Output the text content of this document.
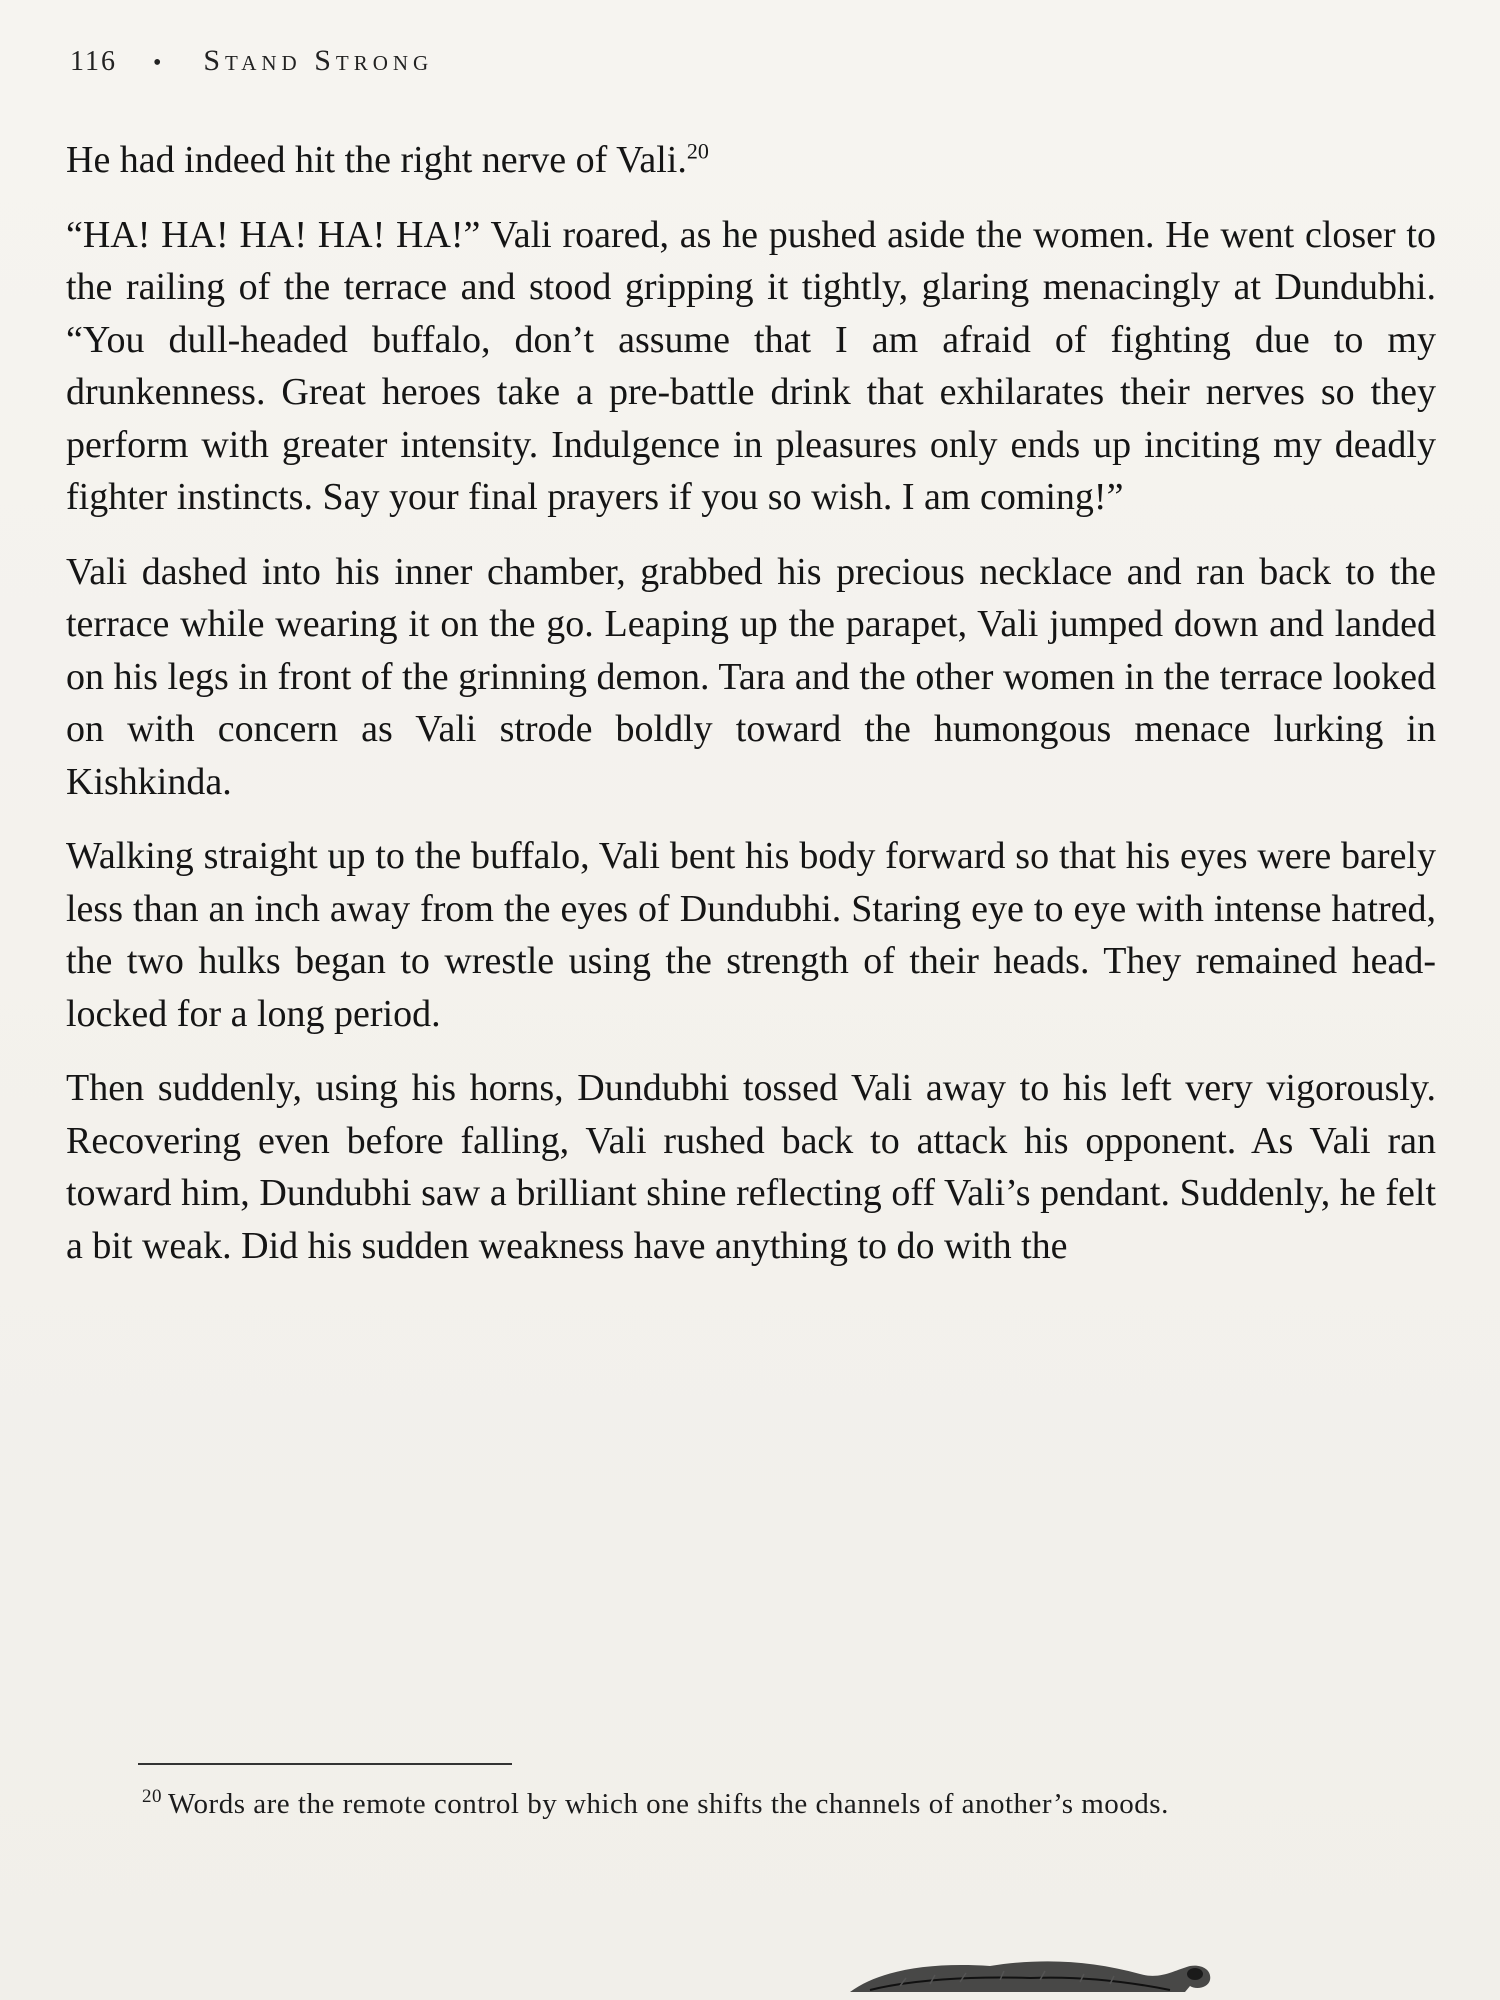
116 • Stand Strong

He had indeed hit the right nerve of Vali.$^{20}$

“HA! HA! HA! HA! HA!” Vali roared, as he pushed aside the women. He went closer to the railing of the terrace and stood gripping it tightly, glaring menacingly at Dundubhi. “You dull-headed buffalo, don’t assume that I am afraid of fighting due to my drunkenness. Great heroes take a pre-battle drink that exhilarates their nerves so they perform with greater intensity. Indulgence in pleasures only ends up inciting my deadly fighter instincts. Say your final prayers if you so wish. I am coming!”

Vali dashed into his inner chamber, grabbed his precious necklace and ran back to the terrace while wearing it on the go. Leaping up the parapet, Vali jumped down and landed on his legs in front of the grinning demon. Tara and the other women in the terrace looked on with concern as Vali strode boldly toward the humongous menace lurking in Kishkinda.

Walking straight up to the buffalo, Vali bent his body forward so that his eyes were barely less than an inch away from the eyes of Dundubhi. Staring eye to eye with intense hatred, the two hulks began to wrestle using the strength of their heads. They remained head-locked for a long period.

Then suddenly, using his horns, Dundubhi tossed Vali away to his left very vigorously. Recovering even before falling, Vali rushed back to attack his opponent. As Vali ran toward him, Dundubhi saw a brilliant shine reflecting off Vali’s pendant. Suddenly, he felt a bit weak. Did his sudden weakness have anything to do with the

$^{20}$ Words are the remote control by which one shifts the channels of another’s moods.
